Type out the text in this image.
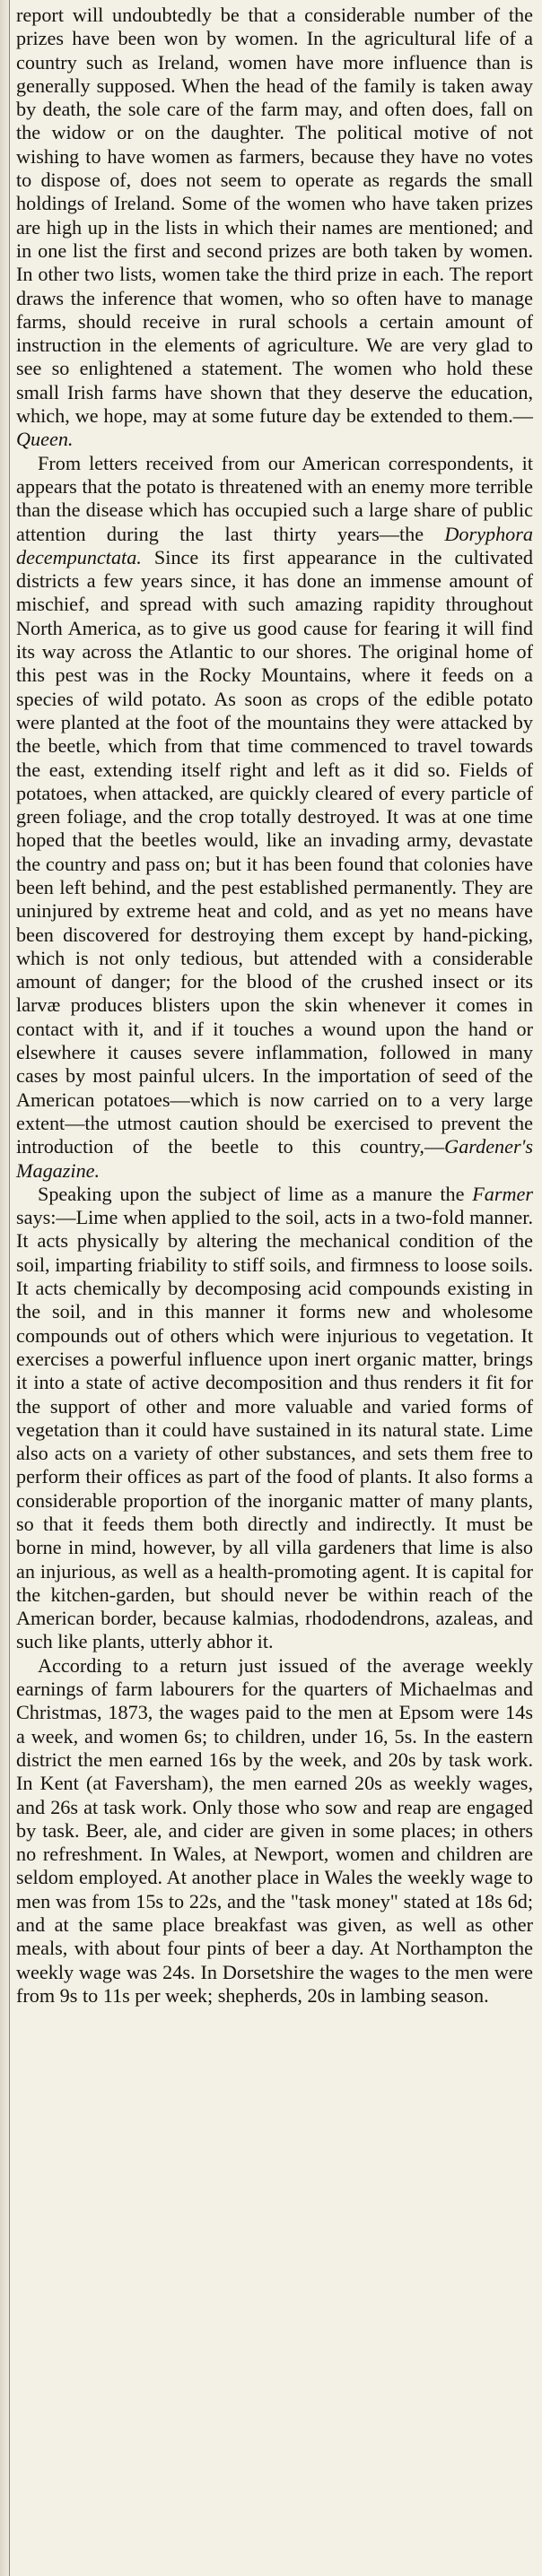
report will undoubtedly be that a considerable number of the prizes have been won by women. In the agricultural life of a country such as Ireland, women have more influence than is generally supposed. When the head of the family is taken away by death, the sole care of the farm may, and often does, fall on the widow or on the daughter. The political motive of not wishing to have women as farmers, because they have no votes to dispose of, does not seem to operate as regards the small holdings of Ireland. Some of the women who have taken prizes are high up in the lists in which their names are mentioned; and in one list the first and second prizes are both taken by women. In other two lists, women take the third prize in each. The report draws the inference that women, who so often have to manage farms, should receive in rural schools a certain amount of instruction in the elements of agriculture. We are very glad to see so enlightened a statement. The women who hold these small Irish farms have shown that they deserve the education, which, we hope, may at some future day be extended to them.—Queen.

From letters received from our American correspondents, it appears that the potato is threatened with an enemy more terrible than the disease which has occupied such a large share of public attention during the last thirty years—the Doryphora decempunctata. Since its first appearance in the cultivated districts a few years since, it has done an immense amount of mischief, and spread with such amazing rapidity throughout North America, as to give us good cause for fearing it will find its way across the Atlantic to our shores. The original home of this pest was in the Rocky Mountains, where it feeds on a species of wild potato. As soon as crops of the edible potato were planted at the foot of the mountains they were attacked by the beetle, which from that time commenced to travel towards the east, extending itself right and left as it did so. Fields of potatoes, when attacked, are quickly cleared of every particle of green foliage, and the crop totally destroyed. It was at one time hoped that the beetles would, like an invading army, devastate the country and pass on; but it has been found that colonies have been left behind, and the pest established permanently. They are uninjured by extreme heat and cold, and as yet no means have been discovered for destroying them except by hand-picking, which is not only tedious, but attended with a considerable amount of danger; for the blood of the crushed insect or its larvæ produces blisters upon the skin whenever it comes in contact with it, and if it touches a wound upon the hand or elsewhere it causes severe inflammation, followed in many cases by most painful ulcers. In the importation of seed of the American potatoes—which is now carried on to a very large extent—the utmost caution should be exercised to prevent the introduction of the beetle to this country,—Gardener's Magazine.

Speaking upon the subject of lime as a manure the Farmer says:—Lime when applied to the soil, acts in a two-fold manner. It acts physically by altering the mechanical condition of the soil, imparting friability to stiff soils, and firmness to loose soils. It acts chemically by decomposing acid compounds existing in the soil, and in this manner it forms new and wholesome compounds out of others which were injurious to vegetation. It exercises a powerful influence upon inert organic matter, brings it into a state of active decomposition and thus renders it fit for the support of other and more valuable and varied forms of vegetation than it could have sustained in its natural state. Lime also acts on a variety of other substances, and sets them free to perform their offices as part of the food of plants. It also forms a considerable proportion of the inorganic matter of many plants, so that it feeds them both directly and indirectly. It must be borne in mind, however, by all villa gardeners that lime is also an injurious, as well as a health-promoting agent. It is capital for the kitchen-garden, but should never be within reach of the American border, because kalmias, rhododendrons, azaleas, and such like plants, utterly abhor it.

According to a return just issued of the average weekly earnings of farm labourers for the quarters of Michaelmas and Christmas, 1873, the wages paid to the men at Epsom were 14s a week, and women 6s; to children, under 16, 5s. In the eastern district the men earned 16s by the week, and 20s by task work. In Kent (at Faversham), the men earned 20s as weekly wages, and 26s at task work. Only those who sow and reap are engaged by task. Beer, ale, and cider are given in some places; in others no refreshment. In Wales, at Newport, women and children are seldom employed. At another place in Wales the weekly wage to men was from 15s to 22s, and the "task money" stated at 18s 6d; and at the same place breakfast was given, as well as other meals, with about four pints of beer a day. At Northampton the weekly wage was 24s. In Dorsetshire the wages to the men were from 9s to 11s per week; shepherds, 20s in lambing season.
